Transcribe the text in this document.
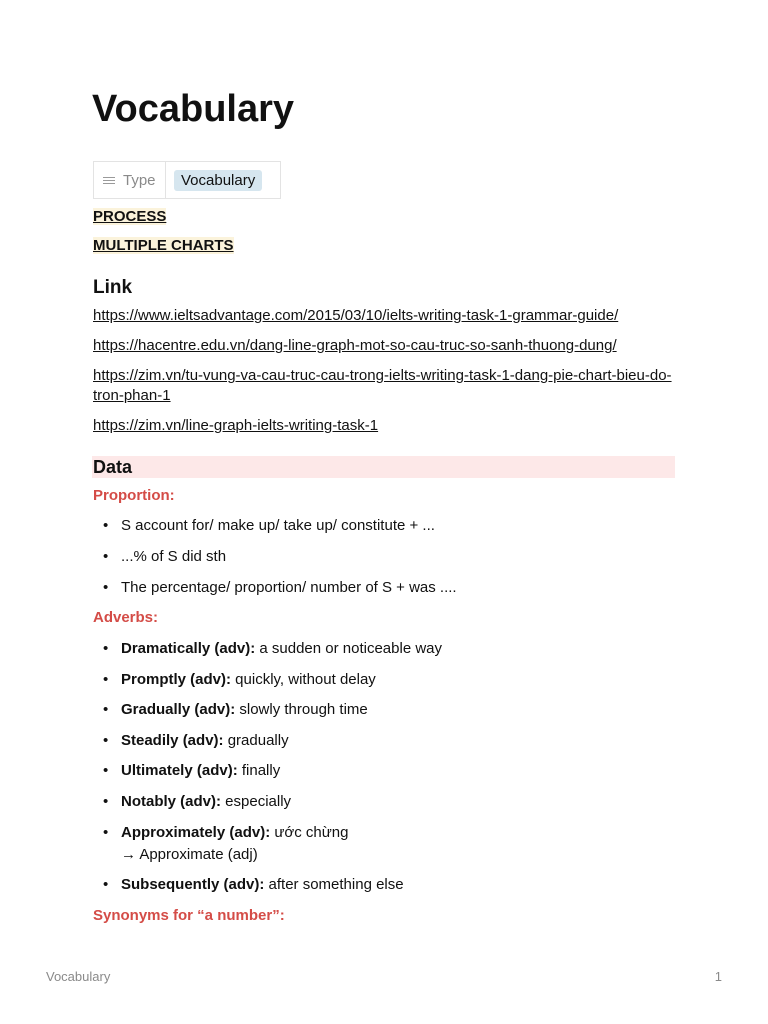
Vocabulary
Type	Vocabulary
PROCESS
MULTIPLE CHARTS
Link
https://www.ieltsadvantage.com/2015/03/10/ielts-writing-task-1-grammar-guide/
https://hacentre.edu.vn/dang-line-graph-mot-so-cau-truc-so-sanh-thuong-dung/
https://zim.vn/tu-vung-va-cau-truc-cau-trong-ielts-writing-task-1-dang-pie-chart-bieu-do-tron-phan-1
https://zim.vn/line-graph-ielts-writing-task-1
Data
Proportion:
• S account for/ make up/ take up/ constitute + ...
• ...% of S did sth
• The percentage/ proportion/ number of S + was ....
Adverbs:
• Dramatically (adv): a sudden or noticeable way
• Promptly (adv): quickly, without delay
• Gradually (adv): slowly through time
• Steadily (adv): gradually
• Ultimately (adv): finally
• Notably (adv): especially
• Approximately (adv): ước chừng
→ Approximate (adj)
• Subsequently (adv): after something else
Synonyms for “a number”:
Vocabulary	1
